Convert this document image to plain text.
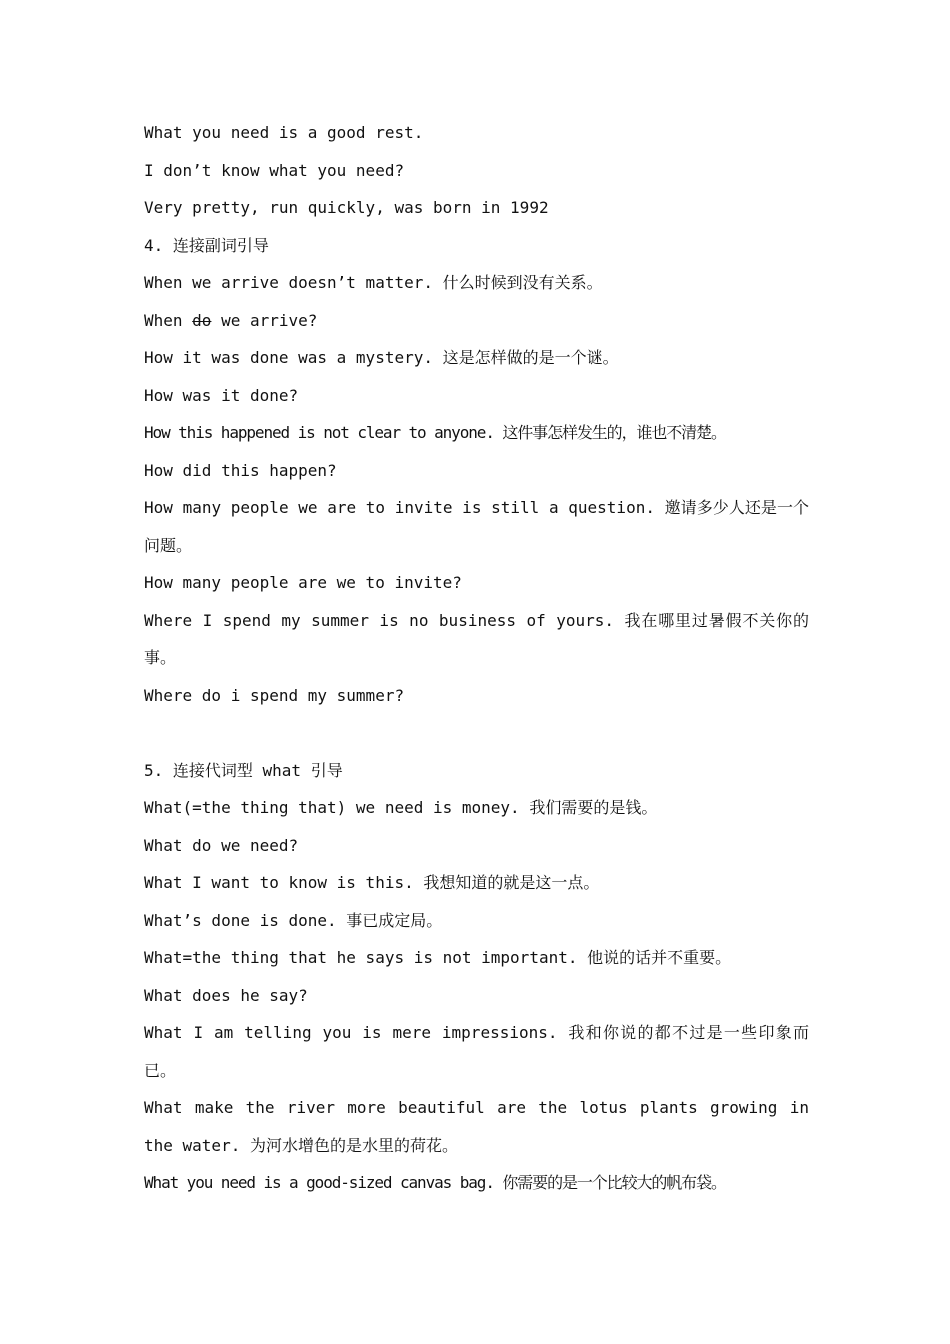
What you need is a good rest.
I don’t know what you need?
Very pretty, run quickly, was born in 1992
4. 连接副词引导
When we arrive doesn’t matter. 什么时候到没有关系。
When do we arrive?
How it was done was a mystery. 这是怎样做的是一个谜。
How was it done?
How this happened is not clear to anyone. 这件事怎样发生的，谁也不清楚。
How did this happen?
How many people we are to invite is still a question. 邀请多少人还是一个问题。
How many people are we to invite?
Where I spend my summer is no business of yours. 我在哪里过暑假不关你的事。
Where do i spend my summer?
5. 连接代词型 what 引导
What(=the thing that) we need is money. 我们需要的是钱。
What do we need?
What I want to know is this. 我想知道的就是这一点。
What’s done is done. 事已成定局。
What=the thing that he says is not important. 他说的话并不重要。
What does he say?
What I am telling you is mere impressions. 我和你说的都不过是一些印象而已。
What make the river more beautiful are the lotus plants growing in the water. 为河水增色的是水里的荷花。
What you need is a good-sized canvas bag. 你需要的是一个比较大的帆布袋。
